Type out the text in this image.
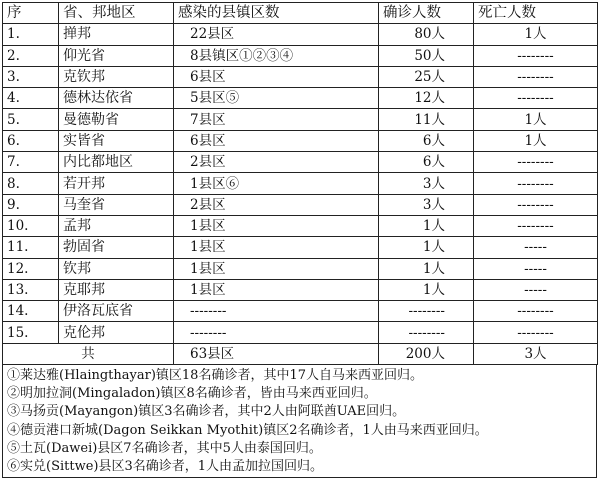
序	省、邦地区	感染的县镇区数	确诊人数	死亡人数
1.	掸邦	22县区	80人	1人
2.	仰光省	8县镇区①②③④	50人	--------
3.	克钦邦	6县区	25人	--------
4.	德林达依省	5县区⑤	12人	--------
5.	曼德勒省	7县区	11人	1人
6.	实皆省	6县区	6人	1人
7.	内比都地区	2县区	6人	--------
8.	若开邦	1县区⑥	3人	--------
9.	马奎省	2县区	3人	--------
10.	孟邦	1县区	1人	--------
11.	勃固省	1县区	1人	-----
12.	钦邦	1县区	1人	-----
13.	克耶邦	1县区	1人	-----
14.	伊洛瓦底省	--------	--------	--------
15.	克伦邦	--------	--------	--------
共		63县区	200人	3人
①莱达雅(Hlaingthayar)镇区18名确诊者，其中17人自马来西亚回归。
②明加拉洞(Mingaladon)镇区8名确诊者，皆由马来西亚回归。
③马扬贡(Mayangon)镇区3名确诊者，其中2人由阿联酋UAE回归。
④德贡港口新城(Dagon Seikkan Myothit)镇区2名确诊者，1人由马来西亚回归。
⑤土瓦(Dawei)县区7名确诊者，其中5人由泰国回归。
⑥实兑(Sittwe)县区3名确诊者，1人由孟加拉国回归。
